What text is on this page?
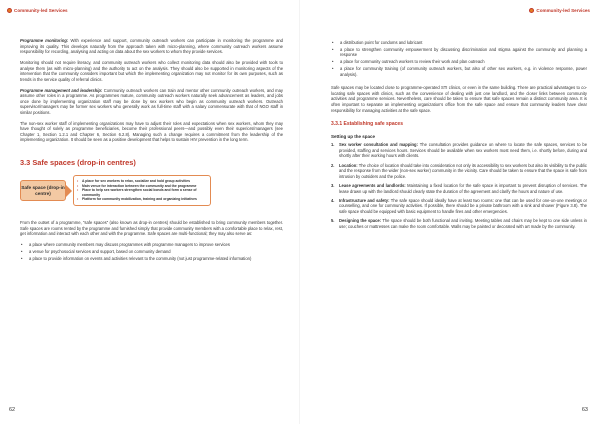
Community-led Services

Programme monitoring: With experience and support, community outreach workers can participate in monitoring the programme and improving its quality. This develops naturally from the approach taken with micro-planning, where community outreach workers assume responsibility for recording, analysing and acting on data about the sex workers to whom they provide services.

Monitoring should not require literacy, and community outreach workers who collect monitoring data should also be provided with tools to analyse them (as with micro-planning) and the authority to act on the analysis. They should also be supported in monitoring aspects of the intervention that the community considers important but which the implementing organization may not monitor for its own purposes, such as trends in the service quality of referral clinics.

Programme management and leadership: Community outreach workers can train and mentor other community outreach workers, and may assume other roles in a programme. As programmes mature, community outreach workers naturally seek advancement as leaders, and jobs once done by implementing organization staff may be done by sex workers who begin as community outreach workers. Outreach supervisor/managers may be former sex workers who generally work as full-time staff with a salary commensurate with that of NGO staff in similar positions.

The non-sex worker staff of implementing organizations may have to adjust their roles and expectations when sex workers, whom they may have thought of solely as programme beneficiaries, become their professional peers—and possibly even their superiors/managers (see Chapter 1, Section 1.2.1 and Chapter 6, Section 6.2.8). Managing such a change requires a commitment from the leadership of the implementing organization. It should be seen as a positive development that helps to sustain HIV prevention in the long term.

3.3 Safe spaces (drop-in centres)
Safe space (drop-in centre)
• A place for sex workers to relax, socialize and hold group activities
• Main venue for interaction between the community and the programme
• Place to help sex workers strengthen social bonds and form a sense of community
• Platform for community mobilization, training and organizing initiatives

From the outset of a programme, “safe spaces” (also known as drop-in centres) should be established to bring community members together. Safe spaces are rooms rented by the programme and furnished simply that provide community members with a comfortable place to relax, rest, get information and interact with each other and with the programme. Safe spaces are multi-functional; they may also serve as:

• a place where community members may discuss programmes with programme managers to improve services
• a venue for psychosocial services and support, based on community demand
• a place to provide information on events and activities relevant to the community (not just programme-related information)
62
Community-led Services
• a distribution point for condoms and lubricant
• a place to strengthen community empowerment by discussing discrimination and stigma against the community and planning a response
• a place for community outreach workers to review their work and plan outreach
• a place for community training (of community outreach workers, but also of other sex workers, e.g. in violence response, power analysis).

Safe spaces may be located close to programme-operated STI clinics, or even in the same building. There are practical advantages to co-locating safe spaces with clinics, such as the convenience of dealing with just one landlord, and the closer links between community activities and programme services. Nevertheless, care should be taken to ensure that safe spaces remain a distinct community area. It is often important to separate an implementing organization’s office from the safe space and ensure that community leaders have clear responsibility for managing activities at the safe space.

3.3.1 Establishing safe spaces
Setting up the space
1. Sex worker consultation and mapping: The consultation provides guidance on where to locate the safe spaces, services to be provided, staffing and services hours. Services should be available when sex workers most need them, i.e. shortly before, during and shortly after their working hours with clients.
2. Location: The choice of location should take into consideration not only its accessibility to sex workers but also its visibility to the public and the response from the wider (non-sex worker) community in the vicinity. Care should be taken to ensure that the space is safe from intrusion by outsiders and the police.
3. Lease agreements and landlords: Maintaining a fixed location for the safe space is important to prevent disruption of services. The lease drawn up with the landlord should clearly state the duration of the agreement and clarify the hours and nature of use.
4. Infrastructure and safety: The safe space should ideally have at least two rooms: one that can be used for one-on-one meetings or counselling, and one for community activities. If possible, there should be a private bathroom with a sink and shower (Figure 3.8). The safe space should be equipped with basic equipment to handle fires and other emergencies.
5. Designing the space: The space should be both functional and inviting. Meeting tables and chairs may be kept to one side unless in use; couches or mattresses can make the room comfortable. Walls may be painted or decorated with art made by the community.
63
